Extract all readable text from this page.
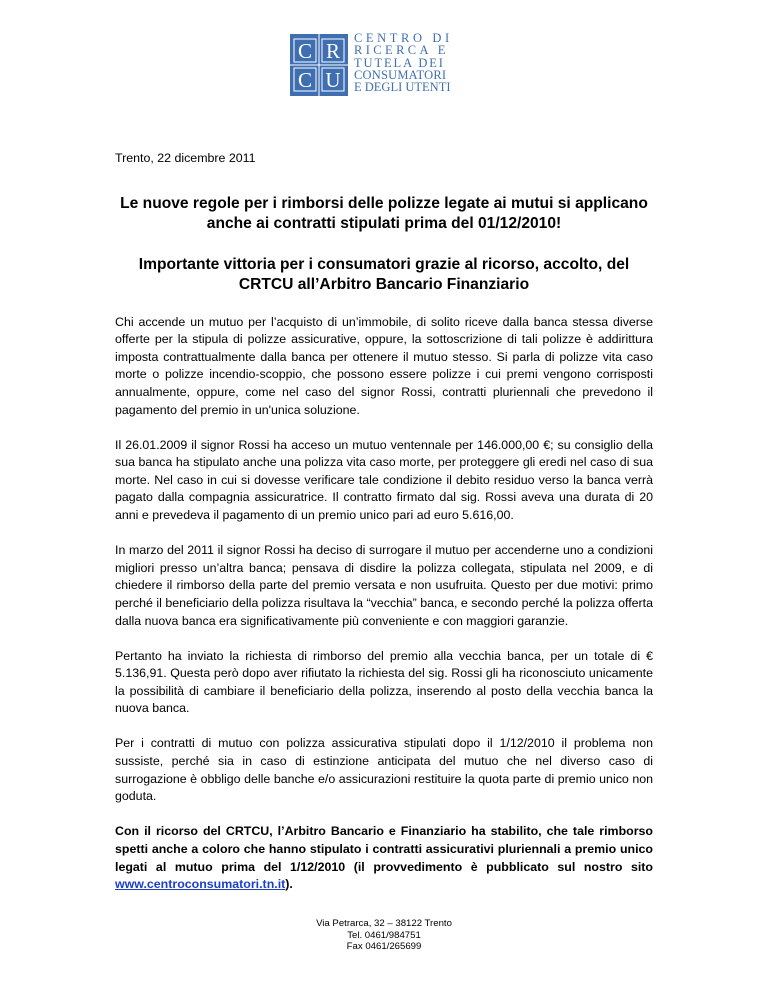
C R
C U
CENTRO DI
RICERCA E
TUTELA DEI
CONSUMATORI
E DEGLI UTENTI

Trento, 22 dicembre 2011

Le nuove regole per i rimborsi delle polizze legate ai mutui si applicano anche ai contratti stipulati prima del 01/12/2010!
Importante vittoria per i consumatori grazie al ricorso, accolto, del CRTCU all’Arbitro Bancario Finanziario

Chi accende un mutuo per l’acquisto di un’immobile, di solito riceve dalla banca stessa diverse offerte per la stipula di polizze assicurative, oppure, la sottoscrizione di tali polizze è addirittura imposta contrattualmente dalla banca per ottenere il mutuo stesso. Si parla di polizze vita caso morte o polizze incendio-scoppio, che possono essere polizze i cui premi vengono corrisposti annualmente, oppure, come nel caso del signor Rossi, contratti pluriennali che prevedono il pagamento del premio in un'unica soluzione.

Il 26.01.2009 il signor Rossi ha acceso un mutuo ventennale per 146.000,00 €; su consiglio della sua banca ha stipulato anche una polizza vita caso morte, per proteggere gli eredi nel caso di sua morte. Nel caso in cui si dovesse verificare tale condizione il debito residuo verso la banca verrà pagato dalla compagnia assicuratrice. Il contratto firmato dal sig. Rossi aveva una durata di 20 anni e prevedeva il pagamento di un premio unico pari ad euro 5.616,00.

In marzo del 2011 il signor Rossi ha deciso di surrogare il mutuo per accenderne uno a condizioni migliori presso un’altra banca; pensava di disdire la polizza collegata, stipulata nel 2009, e di chiedere il rimborso della parte del premio versata e non usufruita. Questo per due motivi: primo perché il beneficiario della polizza risultava la “vecchia” banca, e secondo perché la polizza offerta dalla nuova banca era significativamente più conveniente e con maggiori garanzie.

Pertanto ha inviato la richiesta di rimborso del premio alla vecchia banca, per un totale di € 5.136,91. Questa però dopo aver rifiutato la richiesta del sig. Rossi gli ha riconosciuto unicamente la possibilità di cambiare il beneficiario della polizza, inserendo al posto della vecchia banca la nuova banca.

Per i contratti di mutuo con polizza assicurativa stipulati dopo il 1/12/2010 il problema non sussiste, perché sia in caso di estinzione anticipata del mutuo che nel diverso caso di surrogazione è obbligo delle banche e/o assicurazioni restituire la quota parte di premio unico non goduta.

Con il ricorso del CRTCU, l’Arbitro Bancario e Finanziario ha stabilito, che tale rimborso spetti anche a coloro che hanno stipulato i contratti assicurativi pluriennali a premio unico legati al mutuo prima del 1/12/2010 (il provvedimento è pubblicato sul nostro sito www.centroconsumatori.tn.it).

Via Petrarca, 32 – 38122 Trento
Tel. 0461/984751
Fax 0461/265699
